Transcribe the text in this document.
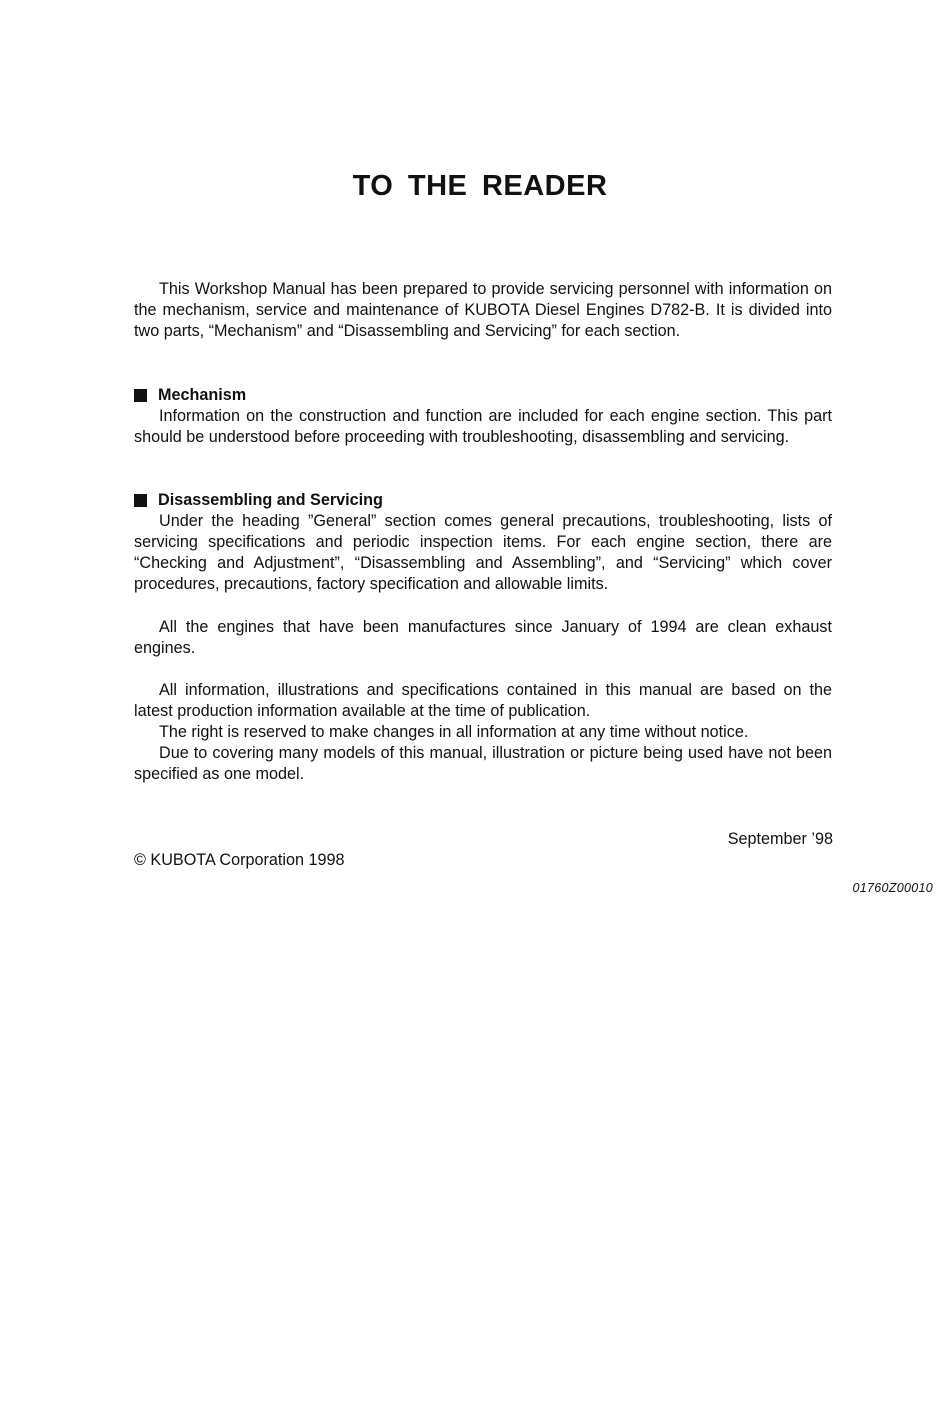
TO THE READER

This Workshop Manual has been prepared to provide servicing personnel with information on the mechanism, service and maintenance of KUBOTA Diesel Engines D782-B. It is divided into two parts, “Mechanism” and “Disassembling and Servicing” for each section.

Mechanism

Information on the construction and function are included for each engine section. This part should be understood before proceeding with troubleshooting, disassembling and servicing.

Disassembling and Servicing

Under the heading ”General” section comes general precautions, troubleshooting, lists of servicing specifications and periodic inspection items. For each engine section, there are “Checking and Adjustment”, “Disassembling and Assembling”, and “Servicing” which cover procedures, precautions, factory specification and allowable limits.

All the engines that have been manufactures since January of 1994 are clean exhaust engines.

All information, illustrations and specifications contained in this manual are based on the latest production information available at the time of publication.

The right is reserved to make changes in all information at any time without notice.

Due to covering many models of this manual, illustration or picture being used have not been specified as one model.

September ’98

© KUBOTA Corporation 1998

01760Z00010
